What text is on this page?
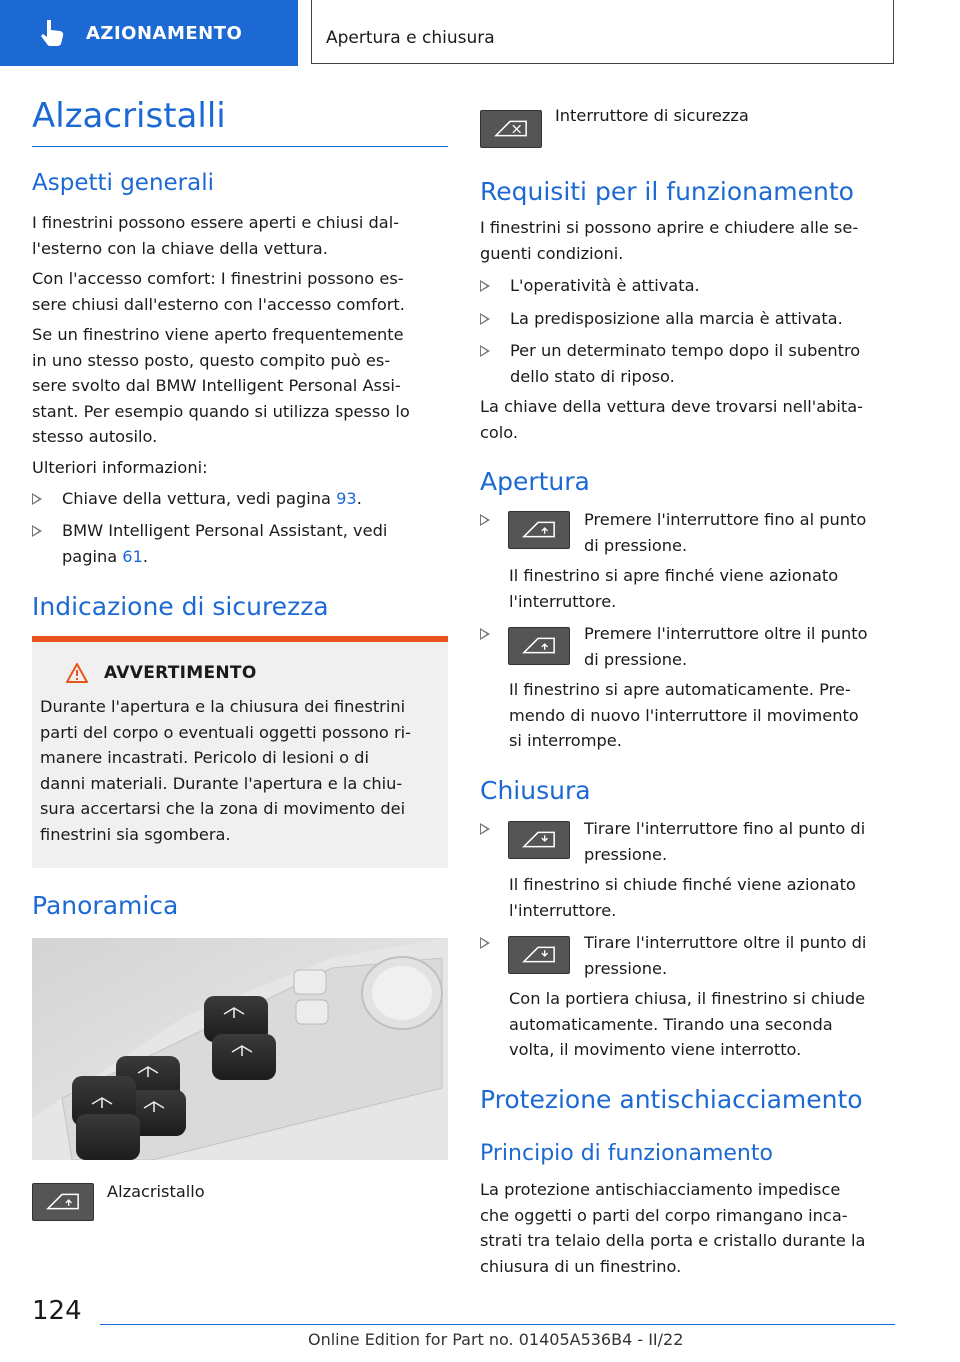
AZIONAMENTO	Apertura e chiusura
Alzacristalli
Aspetti generali

I finestrini possono essere aperti e chiusi dal-
l'esterno con la chiave della vettura.

Con l'accesso comfort: I finestrini possono es-
sere chiusi dall'esterno con l'accesso comfort.

Se un finestrino viene aperto frequentemente
in uno stesso posto, questo compito può es-
sere svolto dal BMW Intelligent Personal Assi-
stant. Per esempio quando si utilizza spesso lo
stesso autosilo.

Ulteriori informazioni:

Chiave della vettura, vedi pagina 93.
BMW Intelligent Personal Assistant, vedi
pagina 61.
Indicazione di sicurezza
AVVERTIMENTO

Durante l'apertura e la chiusura dei finestrini
parti del corpo o eventuali oggetti possono ri-
manere incastrati. Pericolo di lesioni o di
danni materiali. Durante l'apertura e la chiu-
sura accertarsi che la zona di movimento dei
finestrini sia sgombera.

Panoramica

Alzacristallo

Interruttore di sicurezza

Requisiti per il funzionamento

I finestrini si possono aprire e chiudere alle se-
guenti condizioni.

L'operatività è attivata.
La predisposizione alla marcia è attivata.
Per un determinato tempo dopo il subentro
dello stato di riposo.

La chiave della vettura deve trovarsi nell'abita-
colo.

Apertura

Premere l'interruttore fino al punto
di pressione.

Il finestrino si apre finché viene azionato
l'interruttore.

Premere l'interruttore oltre il punto
di pressione.

Il finestrino si apre automaticamente. Pre-
mendo di nuovo l'interruttore il movimento
si interrompe.

Chiusura

Tirare l'interruttore fino al punto di
pressione.

Il finestrino si chiude finché viene azionato
l'interruttore.

Tirare l'interruttore oltre il punto di
pressione.

Con la portiera chiusa, il finestrino si chiude
automaticamente. Tirando una seconda
volta, il movimento viene interrotto.

Protezione antischiacciamento
Principio di funzionamento

La protezione antischiacciamento impedisce
che oggetti o parti del corpo rimangano inca-
strati tra telaio della porta e cristallo durante la
chiusura di un finestrino.

124
Online Edition for Part no. 01405A536B4 - II/22
